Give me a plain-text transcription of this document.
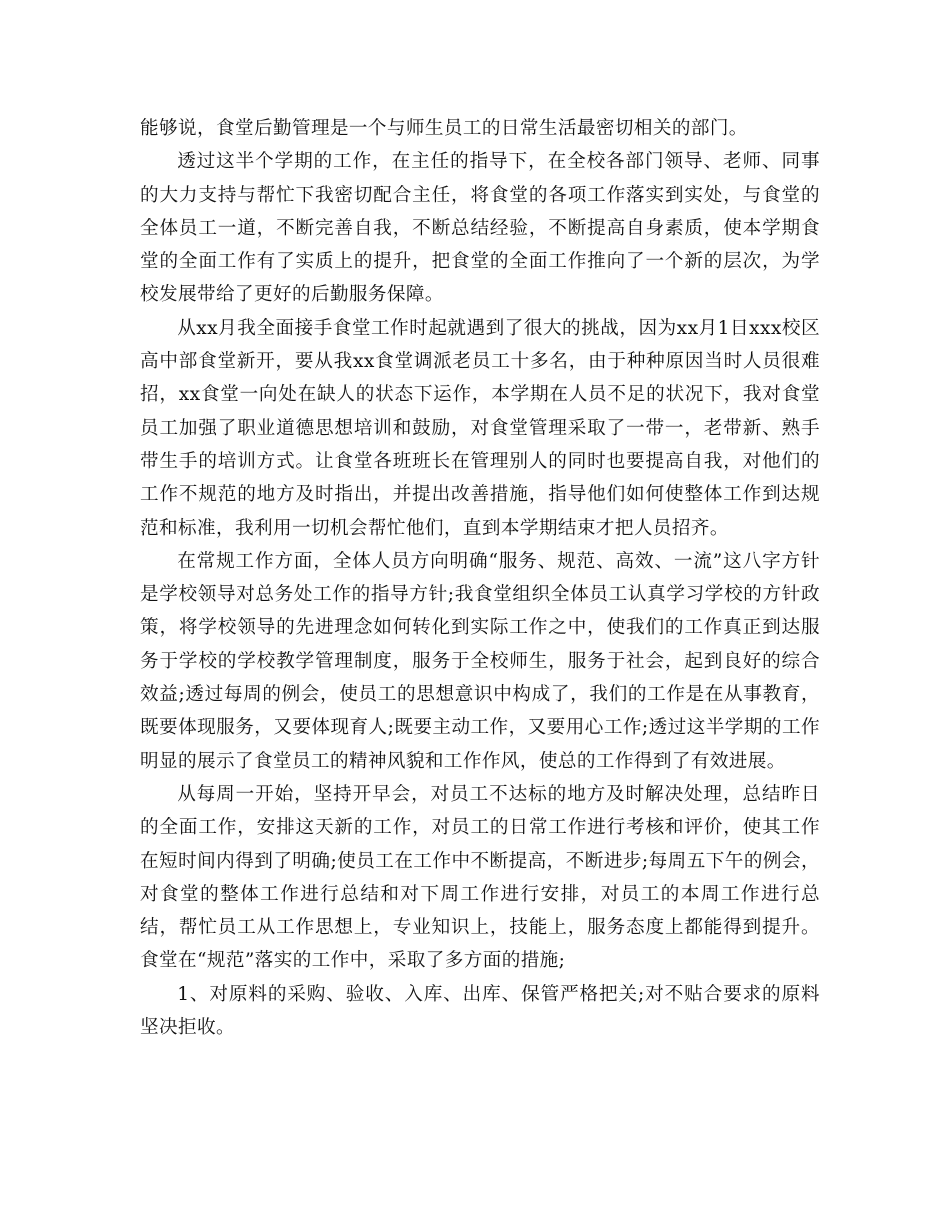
能够说，食堂后勤管理是一个与师生员工的日常生活最密切相关的部门。

透过这半个学期的工作，在主任的指导下，在全校各部门领导、老师、同事的大力支持与帮忙下我密切配合主任，将食堂的各项工作落实到实处，与食堂的全体员工一道，不断完善自我，不断总结经验，不断提高自身素质，使本学期食堂的全面工作有了实质上的提升，把食堂的全面工作推向了一个新的层次，为学校发展带给了更好的后勤服务保障。

从xx月我全面接手食堂工作时起就遇到了很大的挑战，因为xx月1日xxx校区高中部食堂新开，要从我xx食堂调派老员工十多名，由于种种原因当时人员很难招，xx食堂一向处在缺人的状态下运作，本学期在人员不足的状况下，我对食堂员工加强了职业道德思想培训和鼓励，对食堂管理采取了一带一，老带新、熟手带生手的培训方式。让食堂各班班长在管理别人的同时也要提高自我，对他们的工作不规范的地方及时指出，并提出改善措施，指导他们如何使整体工作到达规范和标准，我利用一切机会帮忙他们，直到本学期结束才把人员招齐。

在常规工作方面，全体人员方向明确“服务、规范、高效、一流”这八字方针是学校领导对总务处工作的指导方针;我食堂组织全体员工认真学习学校的方针政策，将学校领导的先进理念如何转化到实际工作之中，使我们的工作真正到达服务于学校的学校教学管理制度，服务于全校师生，服务于社会，起到良好的综合效益;透过每周的例会，使员工的思想意识中构成了，我们的工作是在从事教育，既要体现服务，又要体现育人;既要主动工作，又要用心工作;透过这半学期的工作明显的展示了食堂员工的精神风貌和工作作风，使总的工作得到了有效进展。

从每周一开始，坚持开早会，对员工不达标的地方及时解决处理，总结昨日的全面工作，安排这天新的工作，对员工的日常工作进行考核和评价，使其工作在短时间内得到了明确;使员工在工作中不断提高，不断进步;每周五下午的例会，对食堂的整体工作进行总结和对下周工作进行安排，对员工的本周工作进行总结，帮忙员工从工作思想上，专业知识上，技能上，服务态度上都能得到提升。食堂在“规范”落实的工作中，采取了多方面的措施;

1、对原料的采购、验收、入库、出库、保管严格把关;对不贴合要求的原料坚决拒收。
